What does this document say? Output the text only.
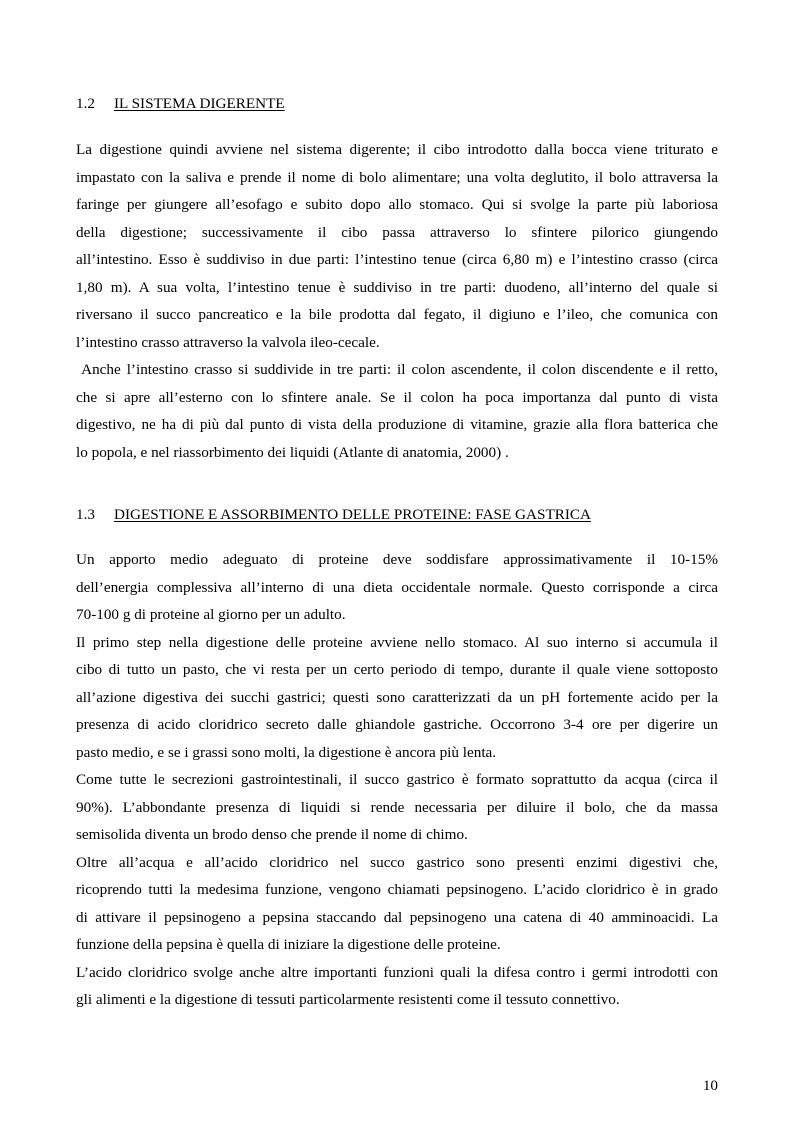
1.2 IL SISTEMA DIGERENTE
La digestione quindi avviene nel sistema digerente; il cibo introdotto dalla bocca viene triturato e
impastato con la saliva e prende il nome di bolo alimentare; una volta deglutito, il bolo attraversa la
faringe per giungere all’esofago e subito dopo allo stomaco. Qui si svolge la parte più laboriosa
della digestione; successivamente il cibo passa attraverso lo sfintere pilorico giungendo
all’intestino. Esso è suddiviso in due parti: l’intestino tenue (circa 6,80 m) e l’intestino crasso (circa
1,80 m). A sua volta, l’intestino tenue è suddiviso in tre parti: duodeno, all’interno del quale si
riversano il succo pancreatico e la bile prodotta dal fegato, il digiuno e l’ileo, che comunica con
l’intestino crasso attraverso la valvola ileo-cecale.
Anche l’intestino crasso si suddivide in tre parti: il colon ascendente, il colon discendente e il retto,
che si apre all’esterno con lo sfintere anale. Se il colon ha poca importanza dal punto di vista
digestivo, ne ha di più dal punto di vista della produzione di vitamine, grazie alla flora batterica che
lo popola, e nel riassorbimento dei liquidi (Atlante di anatomia, 2000) .
1.3 DIGESTIONE E ASSORBIMENTO DELLE PROTEINE: FASE GASTRICA
Un apporto medio adeguato di proteine deve soddisfare approssimativamente il 10-15%
dell’energia complessiva all’interno di una dieta occidentale normale. Questo corrisponde a circa
70-100 g di proteine al giorno per un adulto.
Il primo step nella digestione delle proteine avviene nello stomaco. Al suo interno si accumula il
cibo di tutto un pasto, che vi resta per un certo periodo di tempo, durante il quale viene sottoposto
all’azione digestiva dei succhi gastrici; questi sono caratterizzati da un pH fortemente acido per la
presenza di acido cloridrico secreto dalle ghiandole gastriche. Occorrono 3-4 ore per digerire un
pasto medio, e se i grassi sono molti, la digestione è ancora più lenta.
Come tutte le secrezioni gastrointestinali, il succo gastrico è formato soprattutto da acqua (circa il
90%). L’abbondante presenza di liquidi si rende necessaria per diluire il bolo, che da massa
semisolida diventa un brodo denso che prende il nome di chimo.
Oltre all’acqua e all’acido cloridrico nel succo gastrico sono presenti enzimi digestivi che,
ricoprendo tutti la medesima funzione, vengono chiamati pepsinogeno. L’acido cloridrico è in grado
di attivare il pepsinogeno a pepsina staccando dal pepsinogeno una catena di 40 amminoacidi. La
funzione della pepsina è quella di iniziare la digestione delle proteine.
L’acido cloridrico svolge anche altre importanti funzioni quali la difesa contro i germi introdotti con
gli alimenti e la digestione di tessuti particolarmente resistenti come il tessuto connettivo.
10
